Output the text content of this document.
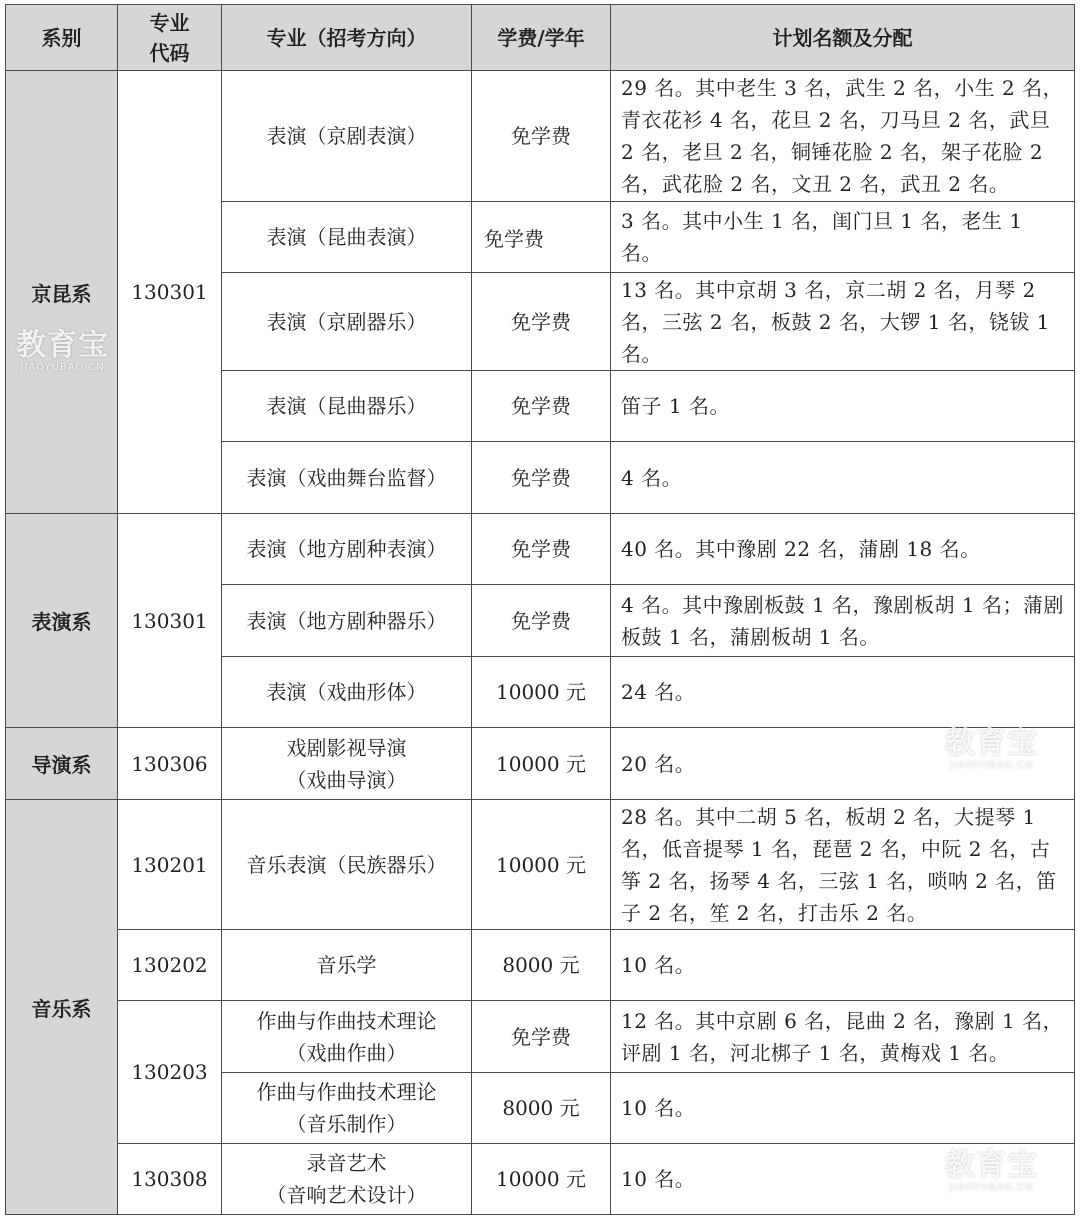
系别	专业代码	专业（招考方向）	学费/学年	计划名额及分配
京昆系	130301	表演（京剧表演）	免学费	29 名。其中老生 3 名，武生 2 名，小生 2 名，青衣花衫 4 名，花旦 2 名，刀马旦 2 名，武旦 2 名，老旦 2 名，铜锤花脸 2 名，架子花脸 2 名，武花脸 2 名，文丑 2 名，武丑 2 名。
		表演（昆曲表演）	免学费	3 名。其中小生 1 名，闺门旦 1 名，老生 1 名。
		表演（京剧器乐）	免学费	13 名。其中京胡 3 名，京二胡 2 名，月琴 2 名，三弦 2 名，板鼓 2 名，大锣 1 名，铙钹 1 名。
		表演（昆曲器乐）	免学费	笛子 1 名。
		表演（戏曲舞台监督）	免学费	4 名。
表演系	130301	表演（地方剧种表演）	免学费	40 名。其中豫剧 22 名，蒲剧 18 名。
		表演（地方剧种器乐）	免学费	4 名。其中豫剧板鼓 1 名，豫剧板胡 1 名；蒲剧板鼓 1 名，蒲剧板胡 1 名。
		表演（戏曲形体）	10000 元	24 名。
导演系	130306	戏剧影视导演
（戏曲导演）	10000 元	20 名。
音乐系	130201	音乐表演（民族器乐）	10000 元	28 名。其中二胡 5 名，板胡 2 名，大提琴 1 名，低音提琴 1 名，琵琶 2 名，中阮 2 名，古筝 2 名，扬琴 4 名，三弦 1 名，唢呐 2 名，笛子 2 名，笙 2 名，打击乐 2 名。
	130202	音乐学	8000 元	10 名。
	130203	作曲与作曲技术理论
（戏曲作曲）	免学费	12 名。其中京剧 6 名，昆曲 2 名，豫剧 1 名，评剧 1 名，河北梆子 1 名，黄梅戏 1 名。

		作曲与作曲技术理论
（音乐制作）	8000 元	10 名。
	130308	录音艺术
（音响艺术设计）	10000 元	10 名。
教育宝
JIAOYUBAO.CN
教育宝
JIAOYUBAO.CN
教育宝
JIAOYUBAO.CN
